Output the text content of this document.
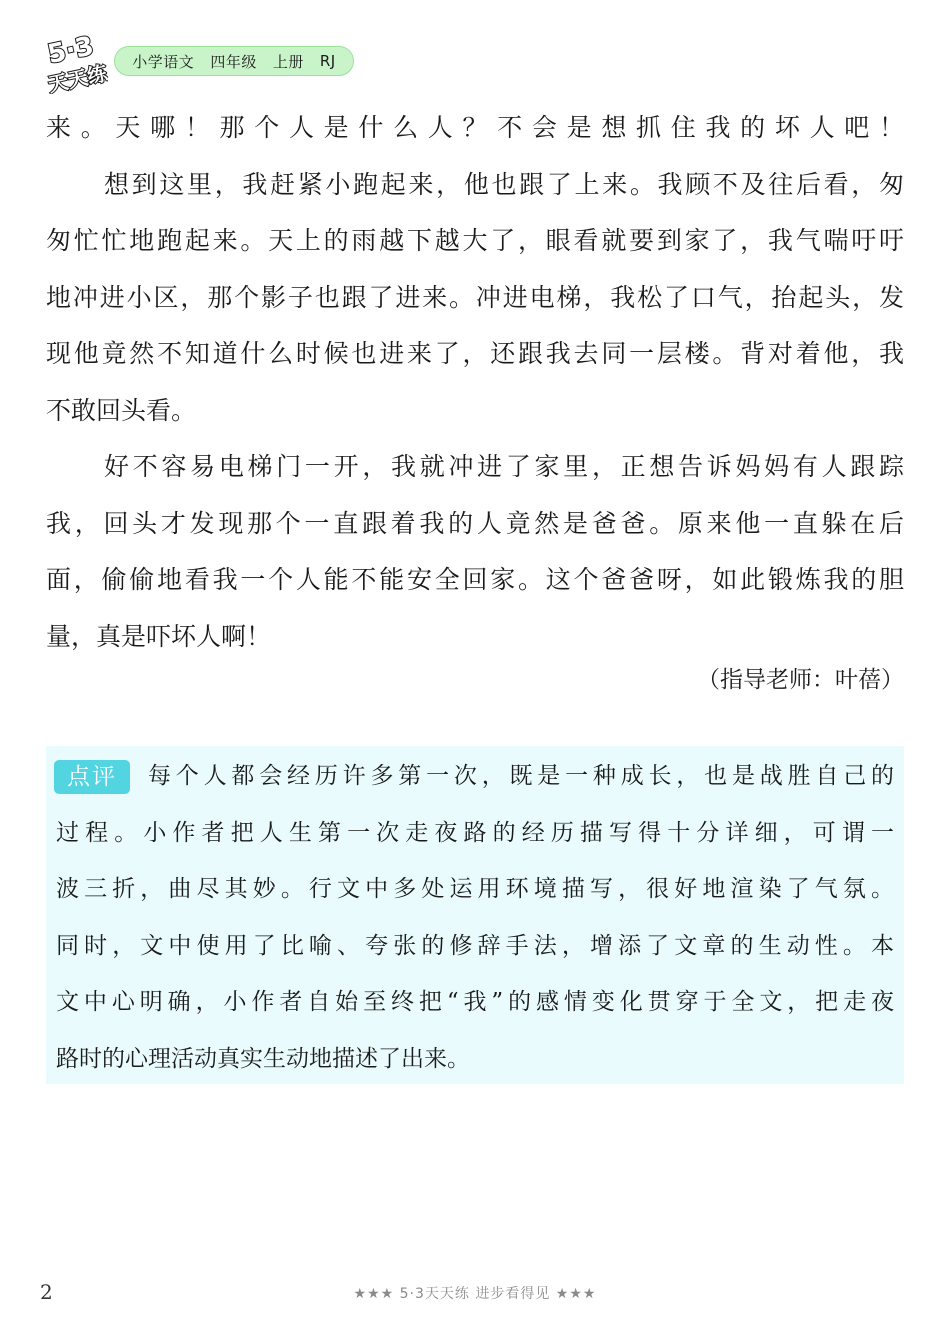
5·3
天天练 小学语文 四年级 上册 RJ
来。天哪！那个人是什么人？不会是想抓住我的坏人吧！
想到这里，我赶紧小跑起来，他也跟了上来。我顾不及往后看，匆
匆忙忙地跑起来。天上的雨越下越大了，眼看就要到家了，我气喘吁吁
地冲进小区，那个影子也跟了进来。冲进电梯，我松了口气，抬起头，发
现他竟然不知道什么时候也进来了，还跟我去同一层楼。背对着他，我
不敢回头看。
好不容易电梯门一开，我就冲进了家里，正想告诉妈妈有人跟踪
我，回头才发现那个一直跟着我的人竟然是爸爸。原来他一直躲在后
面，偷偷地看我一个人能不能安全回家。这个爸爸呀，如此锻炼我的胆
量，真是吓坏人啊！
（指导老师：叶蓓）
每个人都会经历许多第一次，既是一种成长，也是战胜自己的
过程。小作者把人生第一次走夜路的经历描写得十分详细，可谓一
波三折，曲尽其妙。行文中多处运用环境描写，很好地渲染了气氛。
同时，文中使用了比喻、夸张的修辞手法，增添了文章的生动性。本
文中心明确，小作者自始至终把“我”的感情变化贯穿于全文，把走夜
路时的心理活动真实生动地描述了出来。
点评
2	★★★ 5·3天天练 进步看得见 ★★★
